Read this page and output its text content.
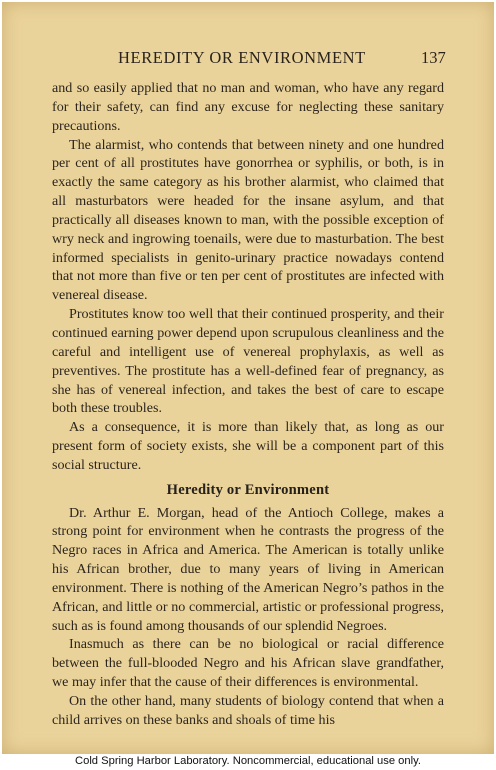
HEREDITY OR ENVIRONMENT	137

and so easily applied that no man and woman, who have any regard for their safety, can find any excuse for neglecting these sanitary precautions.

The alarmist, who contends that between ninety and one hundred per cent of all prostitutes have gonorrhea or syphilis, or both, is in exactly the same category as his brother alarmist, who claimed that all masturbators were headed for the insane asylum, and that practically all diseases known to man, with the possible exception of wry neck and ingrowing toenails, were due to masturbation. The best informed specialists in genito-urinary practice nowadays contend that not more than five or ten per cent of prostitutes are infected with venereal disease.

Prostitutes know too well that their continued prosperity, and their continued earning power depend upon scrupulous cleanliness and the careful and intelligent use of venereal prophylaxis, as well as preventives. The prostitute has a well-defined fear of pregnancy, as she has of venereal infection, and takes the best of care to escape both these troubles.

As a consequence, it is more than likely that, as long as our present form of society exists, she will be a component part of this social structure.

Heredity or Environment

Dr. Arthur E. Morgan, head of the Antioch College, makes a strong point for environment when he contrasts the progress of the Negro races in Africa and America. The American is totally unlike his African brother, due to many years of living in American environment. There is nothing of the American Negro’s pathos in the African, and little or no commercial, artistic or professional progress, such as is found among thousands of our splendid Negroes.

Inasmuch as there can be no biological or racial difference between the full-blooded Negro and his African slave grandfather, we may infer that the cause of their differences is environmental.

On the other hand, many students of biology contend that when a child arrives on these banks and shoals of time his

Cold Spring Harbor Laboratory. Noncommercial, educational use only.
